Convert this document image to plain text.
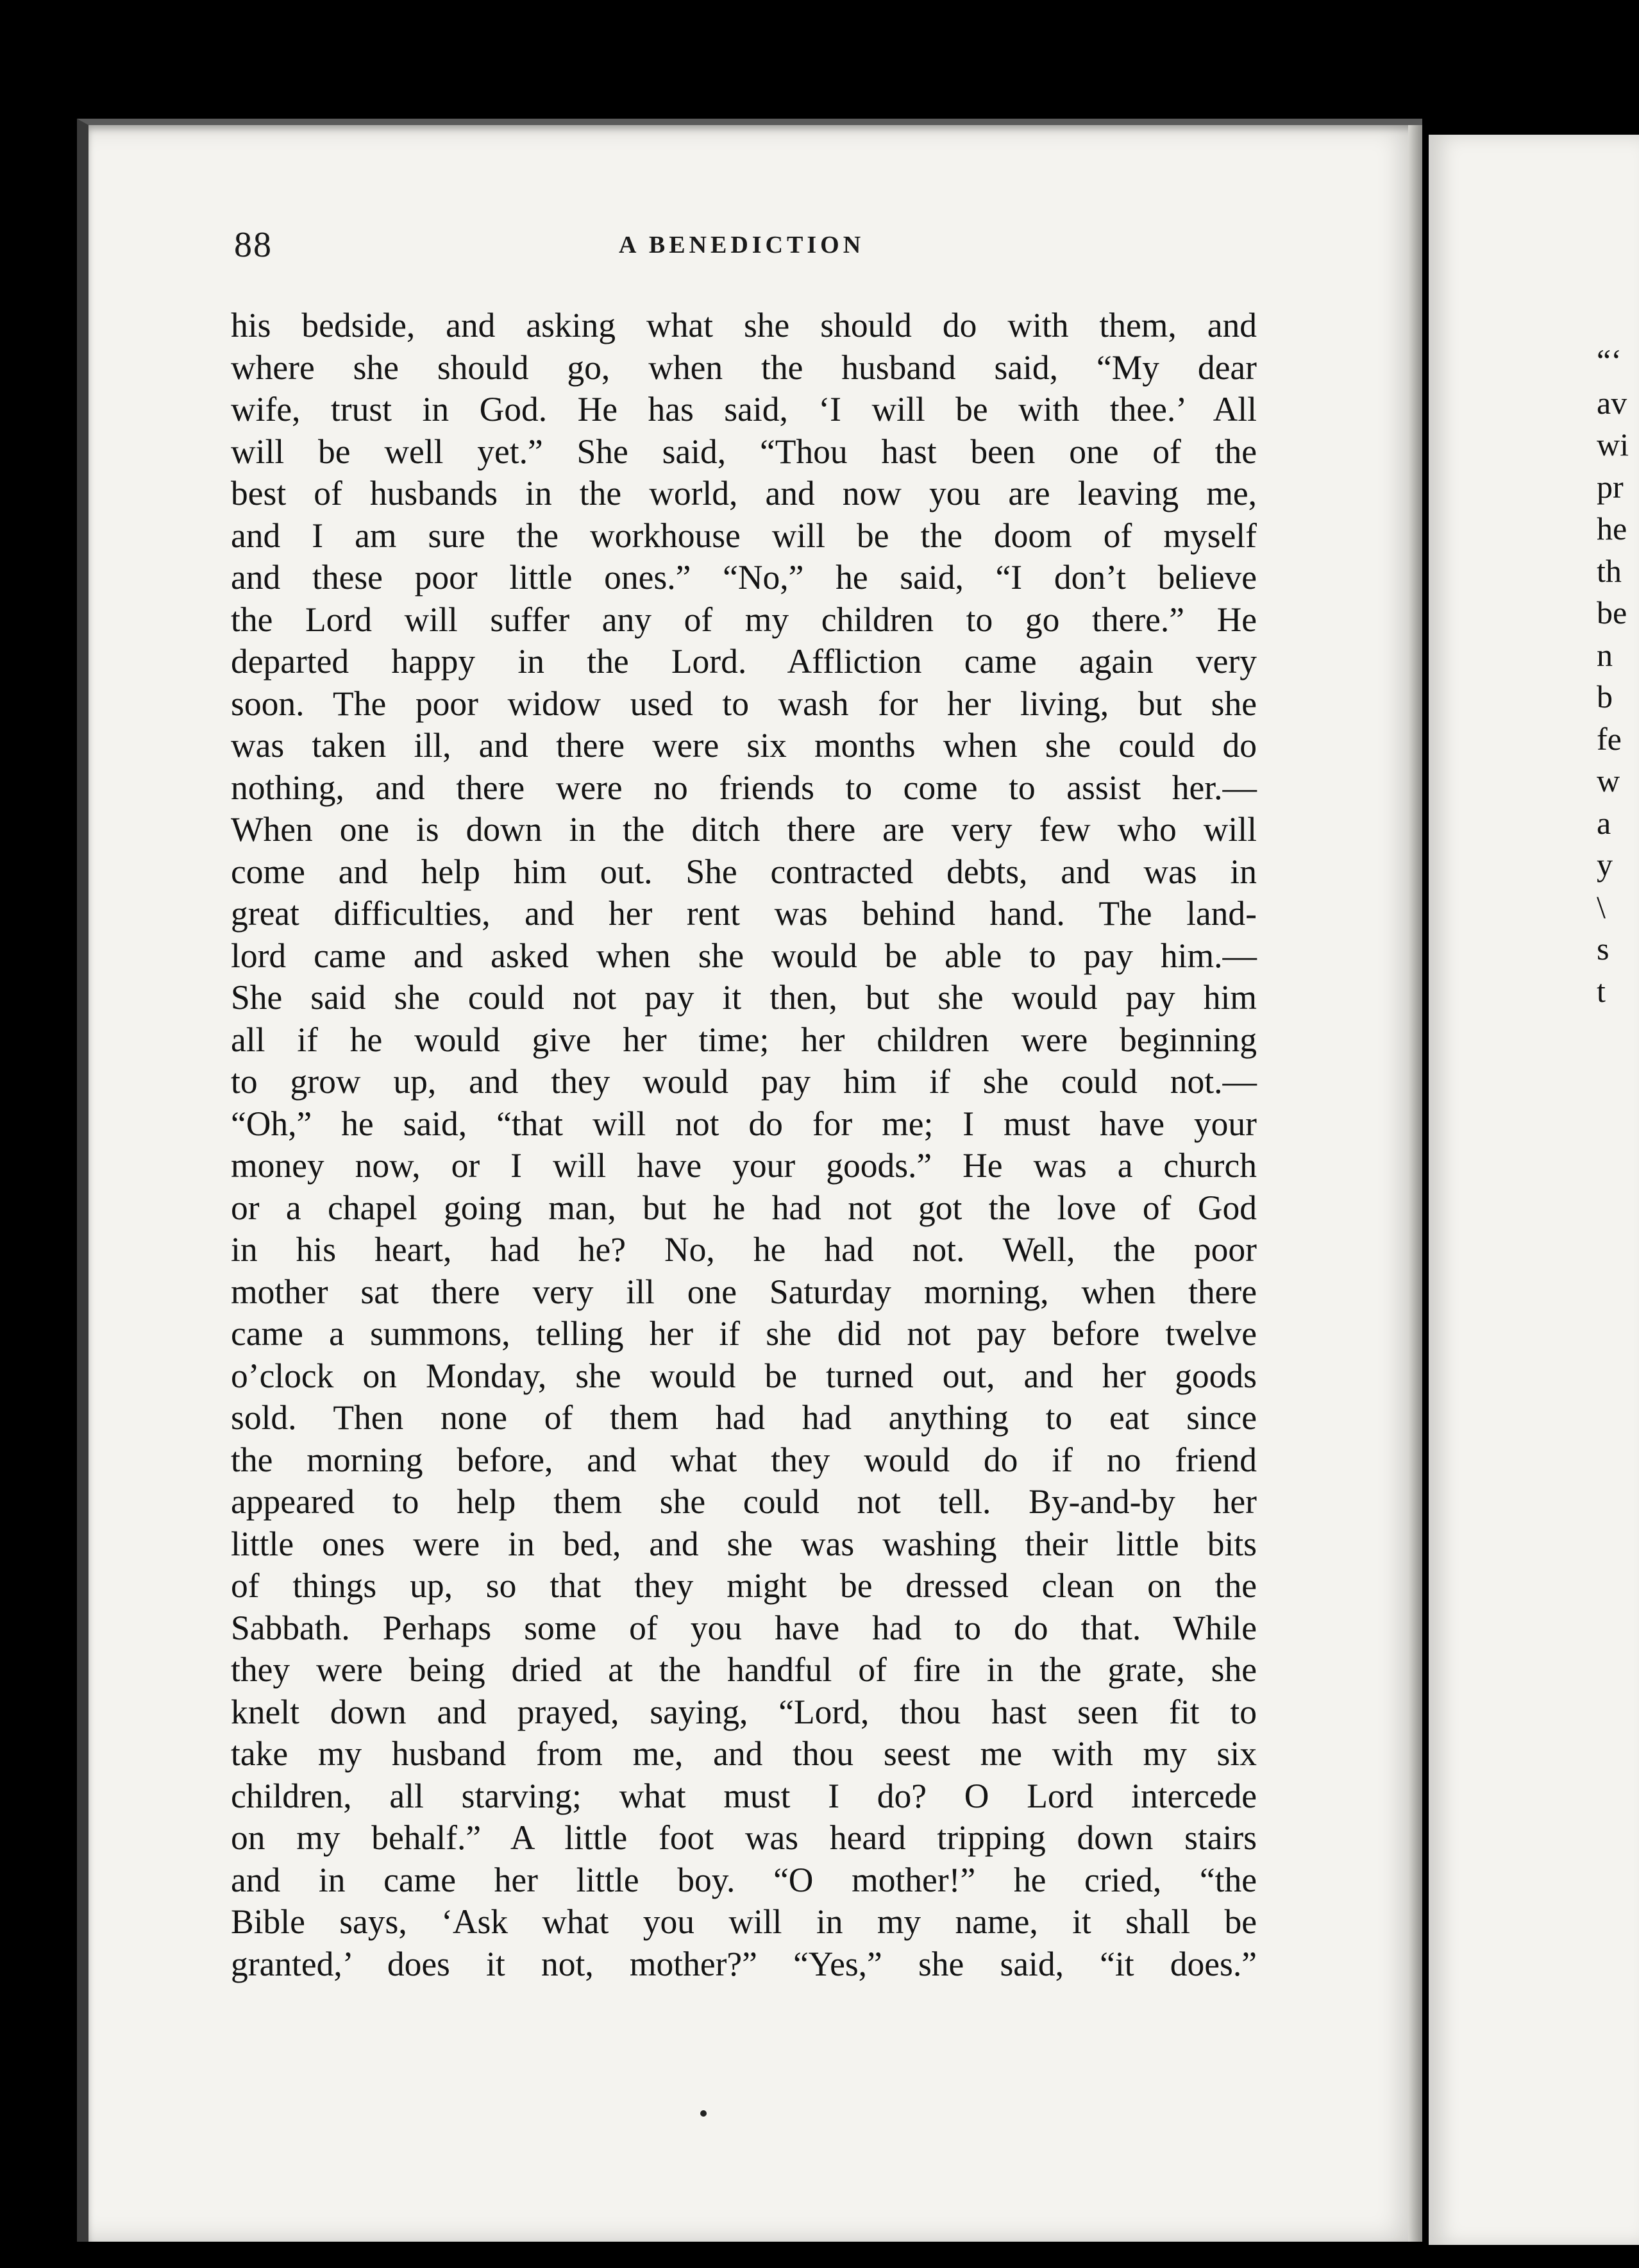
88	A BENEDICTION
his bedside, and asking what she should do with them, and
where she should go, when the husband said, “My dear
wife, trust in God. He has said, ‘I will be with thee.’ All
will be well yet.” She said, “Thou hast been one of the
best of husbands in the world, and now you are leaving me,
and I am sure the workhouse will be the doom of myself
and these poor little ones.” “No,” he said, “I don’t believe
the Lord will suffer any of my children to go there.” He
departed happy in the Lord. Affliction came again very
soon. The poor widow used to wash for her living, but she
was taken ill, and there were six months when she could do
nothing, and there were no friends to come to assist her.—
When one is down in the ditch there are very few who will
come and help him out. She contracted debts, and was in
great difficulties, and her rent was behind hand. The land-
lord came and asked when she would be able to pay him.—
She said she could not pay it then, but she would pay him
all if he would give her time; her children were beginning
to grow up, and they would pay him if she could not.—
“Oh,” he said, “that will not do for me; I must have your
money now, or I will have your goods.” He was a church
or a chapel going man, but he had not got the love of God
in his heart, had he? No, he had not. Well, the poor
mother sat there very ill one Saturday morning, when there
came a summons, telling her if she did not pay before twelve
o’clock on Monday, she would be turned out, and her goods
sold. Then none of them had had anything to eat since
the morning before, and what they would do if no friend
appeared to help them she could not tell. By-and-by her
little ones were in bed, and she was washing their little bits
of things up, so that they might be dressed clean on the
Sabbath. Perhaps some of you have had to do that. While
they were being dried at the handful of fire in the grate, she
knelt down and prayed, saying, “Lord, thou hast seen fit to
take my husband from me, and thou seest me with my six
children, all starving; what must I do? O Lord intercede
on my behalf.” A little foot was heard tripping down stairs
and in came her little boy. “O mother!” he cried, “the
Bible says, ‘Ask what you will in my name, it shall be
granted,’ does it not, mother?” “Yes,” she said, “it does.”
“‘
av
wi
pr
he
th
be
n
b
fe
w
a
y
\
s
t
